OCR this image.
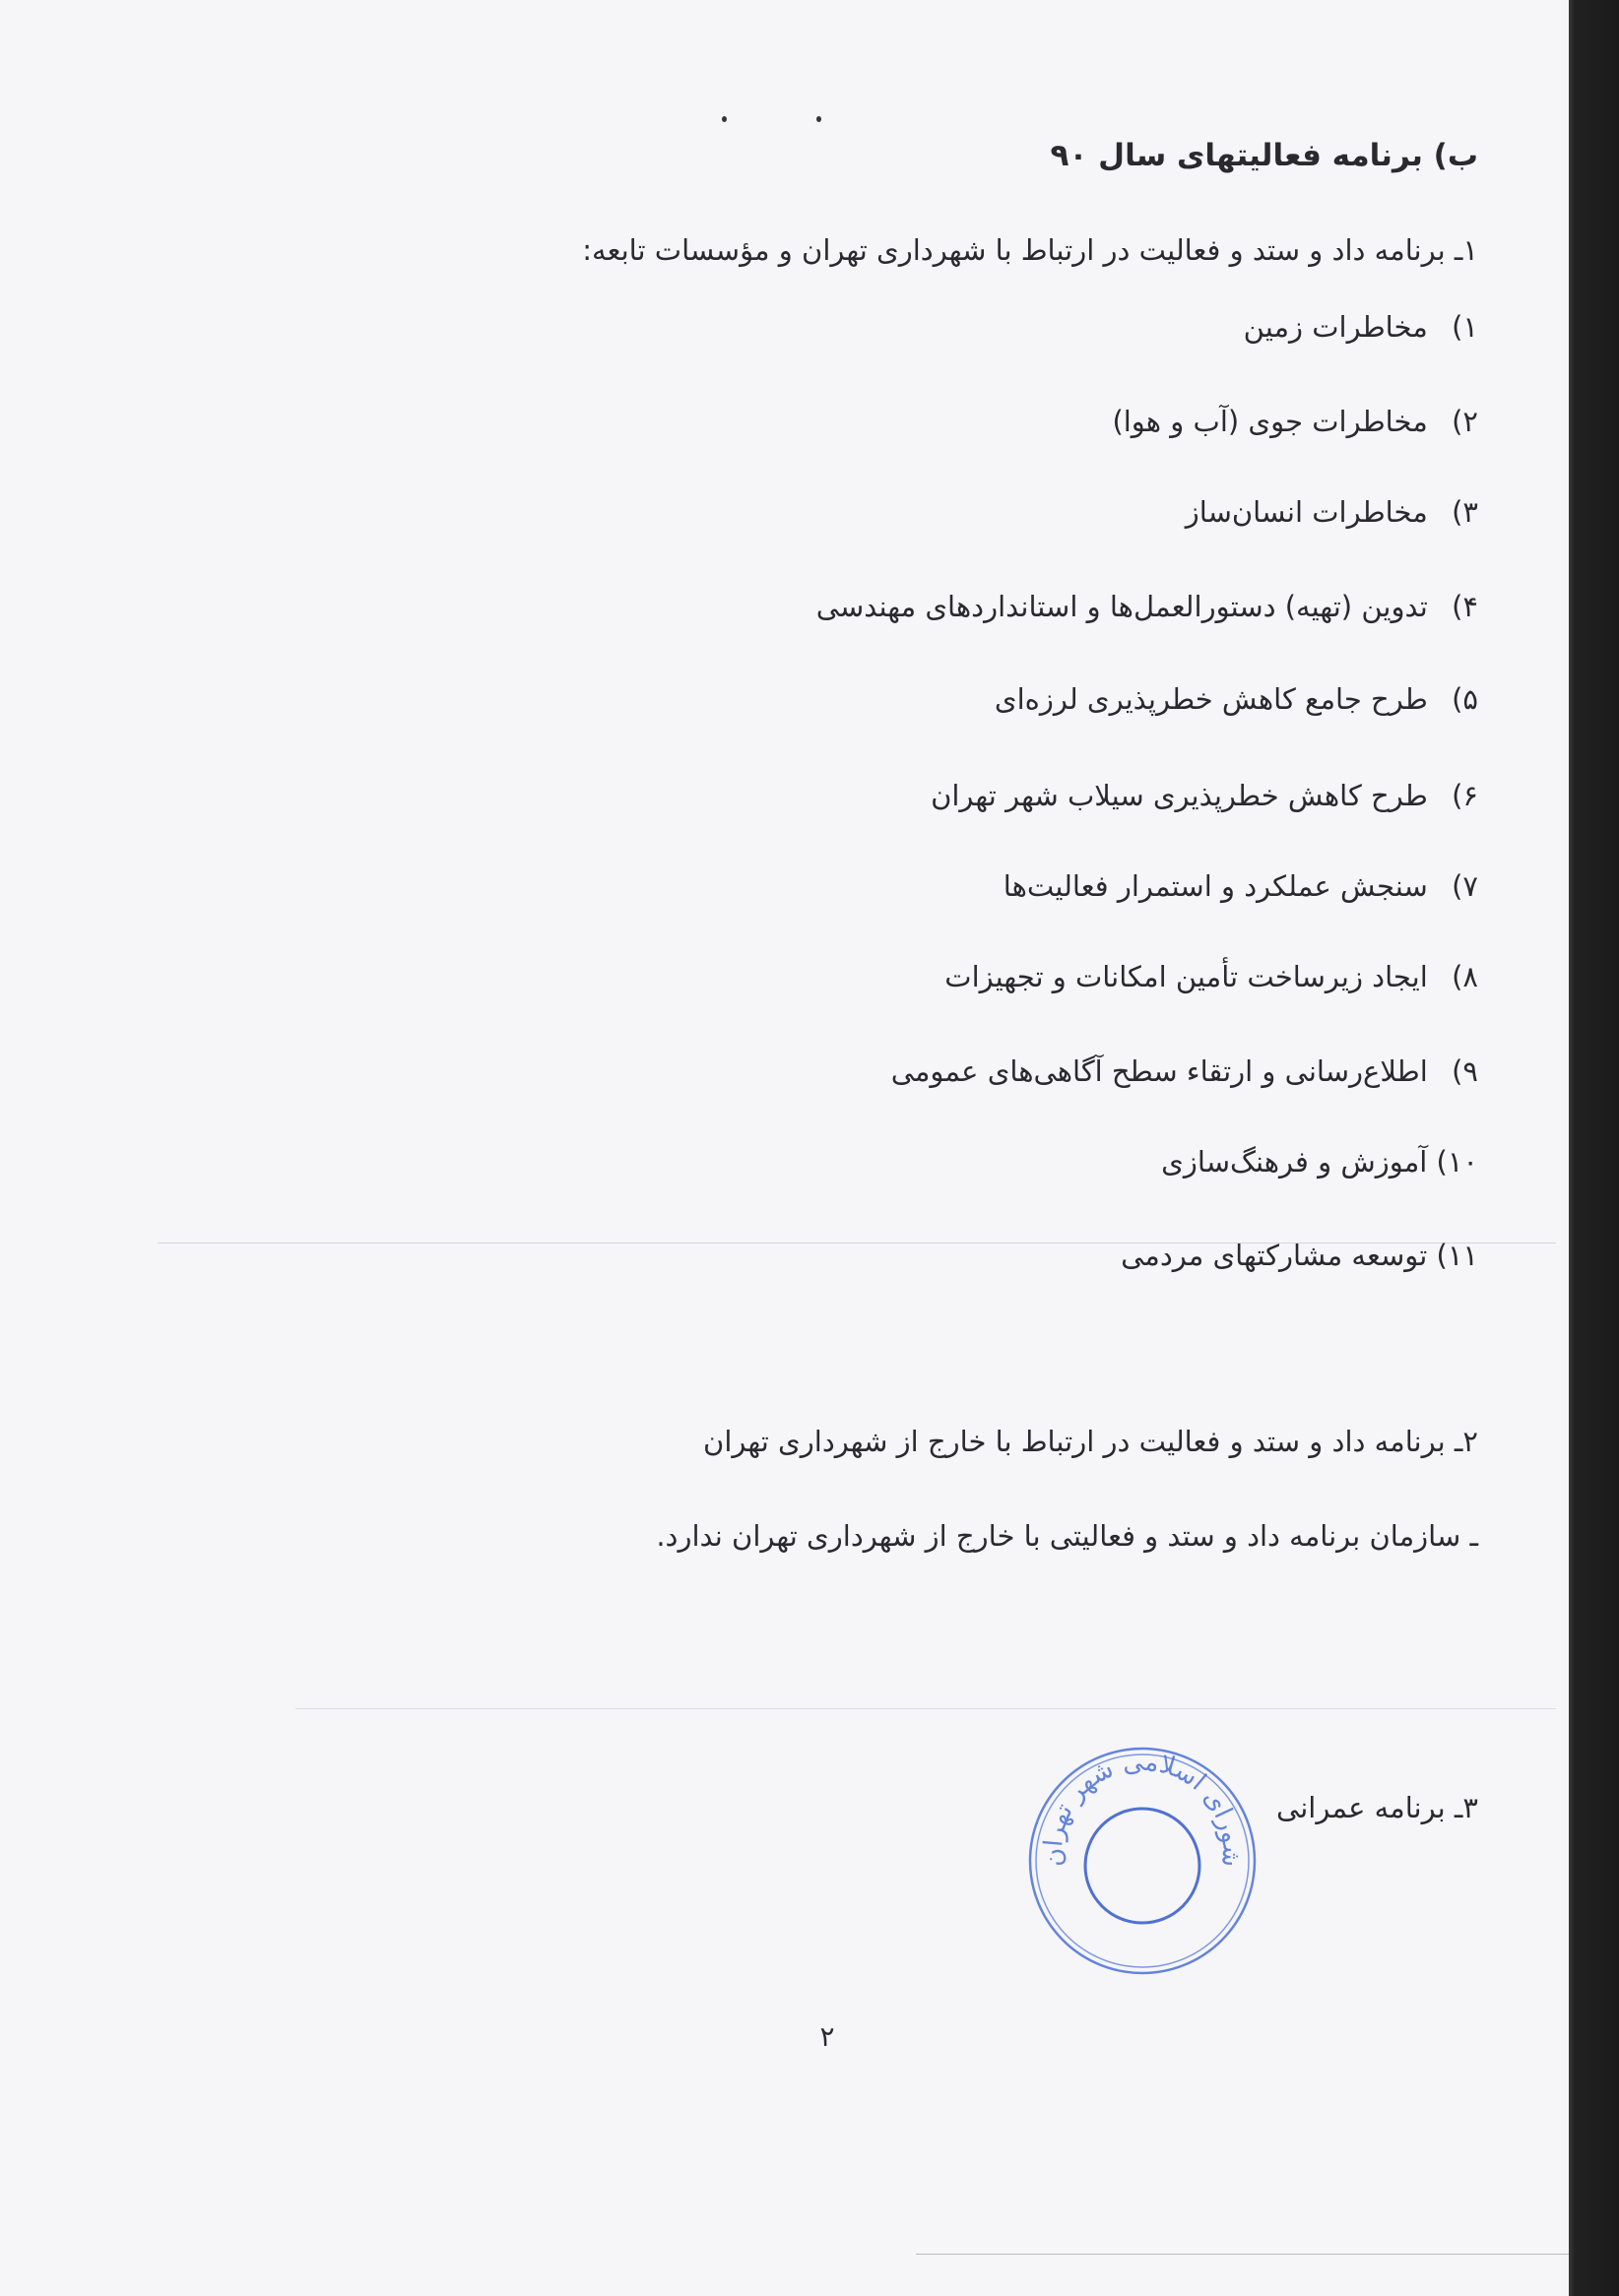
ب) برنامه فعالیتهای سال ۹۰
۱ـ برنامه داد و ستد و فعالیت در ارتباط با شهرداری تهران و مؤسسات تابعه:
۱) مخاطرات زمین
۲) مخاطرات جوی (آب و هوا)
۳) مخاطرات انسان‌ساز
۴) تدوین (تهیه) دستورالعمل‌ها و استانداردهای مهندسی
۵) طرح جامع کاهش خطرپذیری لرزه‌ای
۶) طرح کاهش خطرپذیری سیلاب شهر تهران
۷) سنجش عملکرد و استمرار فعالیت‌ها
۸) ایجاد زیرساخت تأمین امکانات و تجهیزات
۹) اطلاع‌رسانی و ارتقاء سطح آگاهی‌های عمومی
۱۰) آموزش و فرهنگ‌سازی
۱۱) توسعه مشارکتهای مردمی
۲ـ برنامه داد و ستد و فعالیت در ارتباط با خارج از شهرداری تهران
ـ سازمان برنامه داد و ستد و فعالیتی با خارج از شهرداری تهران ندارد.
۳ـ برنامه عمرانی
شورای اسلامی شهر تهران
۲
